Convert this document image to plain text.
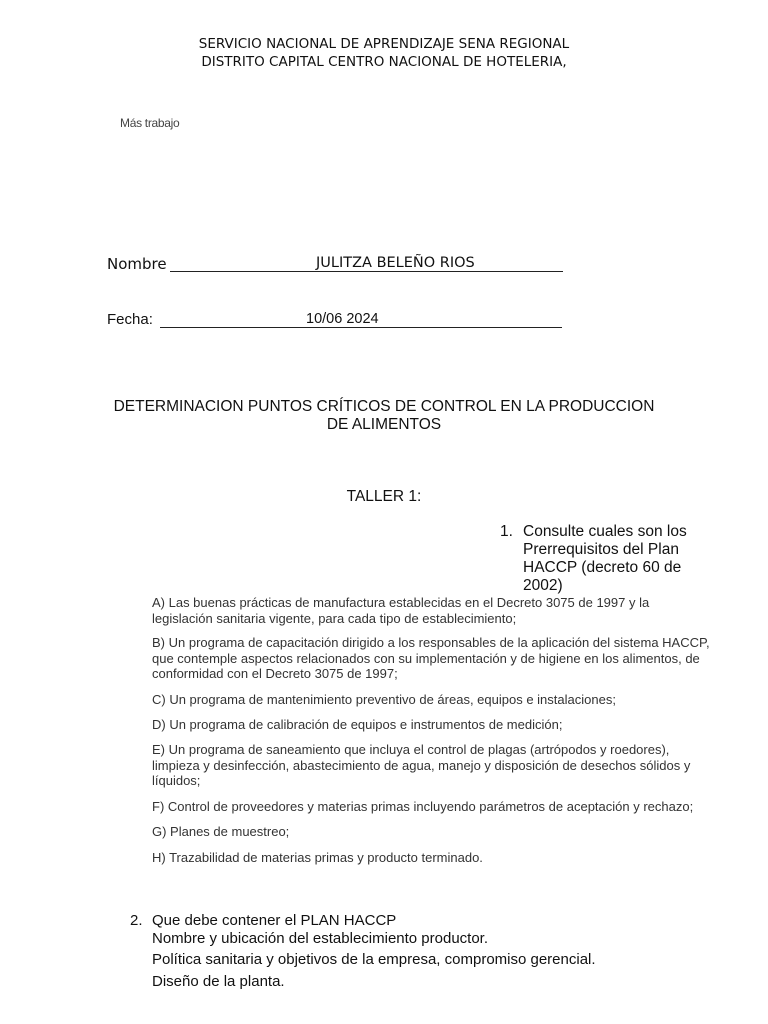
SERVICIO NACIONAL DE APRENDIZAJE SENA REGIONAL
DISTRITO CAPITAL CENTRO NACIONAL DE HOTELERIA,
Más trabajo
Nombre	JULITZA BELEÑO RIOS
Fecha:	10/06 2024
DETERMINACION PUNTOS CRÍTICOS DE CONTROL EN LA PRODUCCION
DE ALIMENTOS
TALLER 1:
1. Consulte cuales son los Prerrequisitos del Plan HACCP (decreto 60 de 2002)
A) Las buenas prácticas de manufactura establecidas en el Decreto 3075 de 1997 y la legislación sanitaria vigente, para cada tipo de establecimiento;
B) Un programa de capacitación dirigido a los responsables de la aplicación del sistema HACCP, que contemple aspectos relacionados con su implementación y de higiene en los alimentos, de conformidad con el Decreto 3075 de 1997;
C) Un programa de mantenimiento preventivo de áreas, equipos e instalaciones;
D) Un programa de calibración de equipos e instrumentos de medición;
E) Un programa de saneamiento que incluya el control de plagas (artrópodos y roedores), limpieza y desinfección, abastecimiento de agua, manejo y disposición de desechos sólidos y líquidos;
F) Control de proveedores y materias primas incluyendo parámetros de aceptación y rechazo;
G) Planes de muestreo;
H) Trazabilidad de materias primas y producto terminado.
2. Que debe contener el PLAN HACCP
Nombre y ubicación del establecimiento productor.
Política sanitaria y objetivos de la empresa, compromiso gerencial.
Diseño de la planta.
